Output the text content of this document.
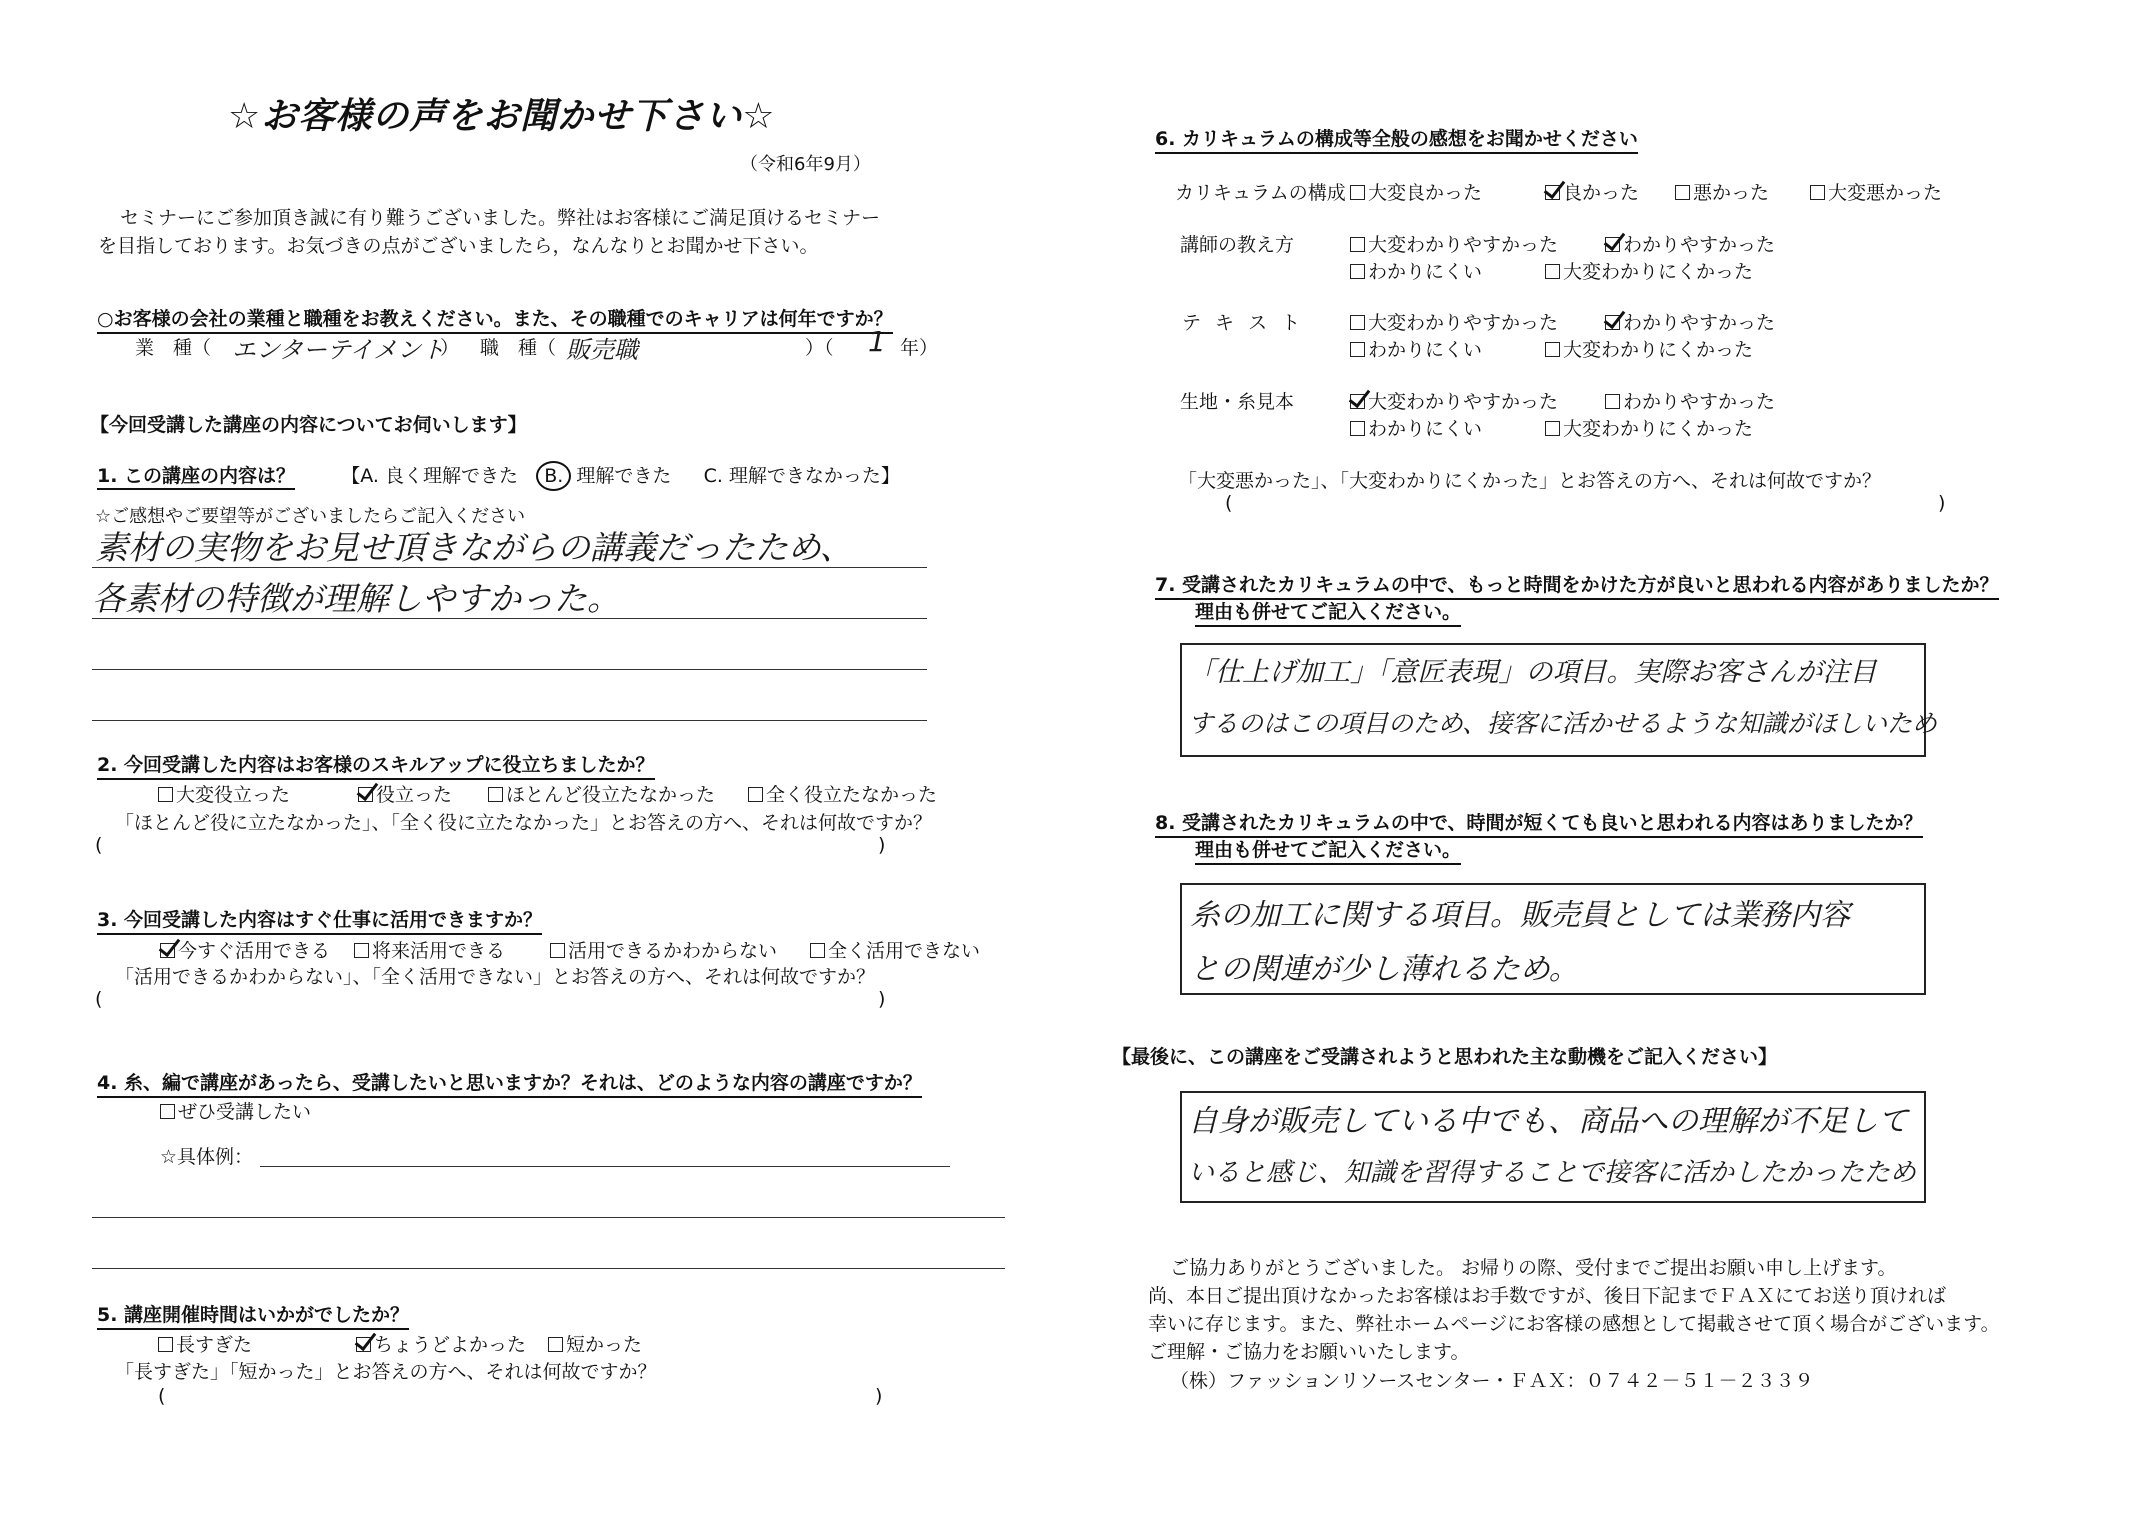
☆お客様の声をお聞かせ下さい☆
（令和6年9月）
セミナーにご参加頂き誠に有り難うございました。弊社はお客様にご満足頂けるセミナー
を目指しております。お気づきの点がございましたら，なんなりとお聞かせ下さい。
○お客様の会社の業種と職種をお教えください。また、その職種でのキャリアは何年ですか？
業　種（ エンターテイメント
） 職　種（ 販売職	）（ 1 年）
【今回受講した講座の内容についてお伺いします】
1. この講座の内容は？ 【A. 良く理解できた B. 理解できた C. 理解できなかった】
☆ご感想やご要望等がございましたらご記入ください
素材の実物をお見せ頂きながらの講義だったため、
各素材の特徴が理解しやすかった。
2. 今回受講した内容はお客様のスキルアップに役立ちましたか？
大変役立った	役立った	ほとんど役立たなかった	全く役立たなかった
「ほとんど役に立たなかった」、「全く役に立たなかった」とお答えの方へ、それは何故ですか？
(	)
3. 今回受講した内容はすぐ仕事に活用できますか？
今すぐ活用できる	将来活用できる	活用できるかわからない	全く活用できない
「活用できるかわからない」、「全く活用できない」とお答えの方へ、それは何故ですか？
(	)
4. 糸、編で講座があったら、受講したいと思いますか？それは、どのような内容の講座ですか？
ぜひ受講したい
☆具体例：
5. 講座開催時間はいかがでしたか？
長すぎた	ちょうどよかった	短かった
「長すぎた」「短かった」とお答えの方へ、それは何故ですか？
(	)
6. カリキュラムの構成等全般の感想をお聞かせください
カリキュラムの構成	大変良かった	良かった	悪かった	大変悪かった
講師の教え方	大変わかりやすかった	わかりやすかった
わかりにくい	大変わかりにくかった
テ キ ス ト	大変わかりやすかった	わかりやすかった
わかりにくい	大変わかりにくかった
生地・糸見本	大変わかりやすかった	わかりやすかった
わかりにくい	大変わかりにくかった
「大変悪かった」、「大変わかりにくかった」とお答えの方へ、それは何故ですか？
(	)
7. 受講されたカリキュラムの中で、もっと時間をかけた方が良いと思われる内容がありましたか？
理由も併せてご記入ください。
「仕上げ加工」「意匠表現」の項目。実際お客さんが注目
するのはこの項目のため、接客に活かせるような知識がほしいため
8. 受講されたカリキュラムの中で、時間が短くても良いと思われる内容はありましたか？
理由も併せてご記入ください。
糸の加工に関する項目。販売員としては業務内容
との関連が少し薄れるため。
【最後に、この講座をご受講されようと思われた主な動機をご記入ください】
自身が販売している中でも、商品への理解が不足して
いると感じ、知識を習得することで接客に活かしたかったため
ご協力ありがとうございました。 お帰りの際、受付までご提出お願い申し上げます。
尚、本日ご提出頂けなかったお客様はお手数ですが、後日下記までＦＡＸにてお送り頂ければ
幸いに存じます。また、弊社ホームページにお客様の感想として掲載させて頂く場合がございます。
ご理解・ご協力をお願いいたします。
（株）ファッションリソースセンター・ＦＡＸ：０７４２－５１－２３３９
